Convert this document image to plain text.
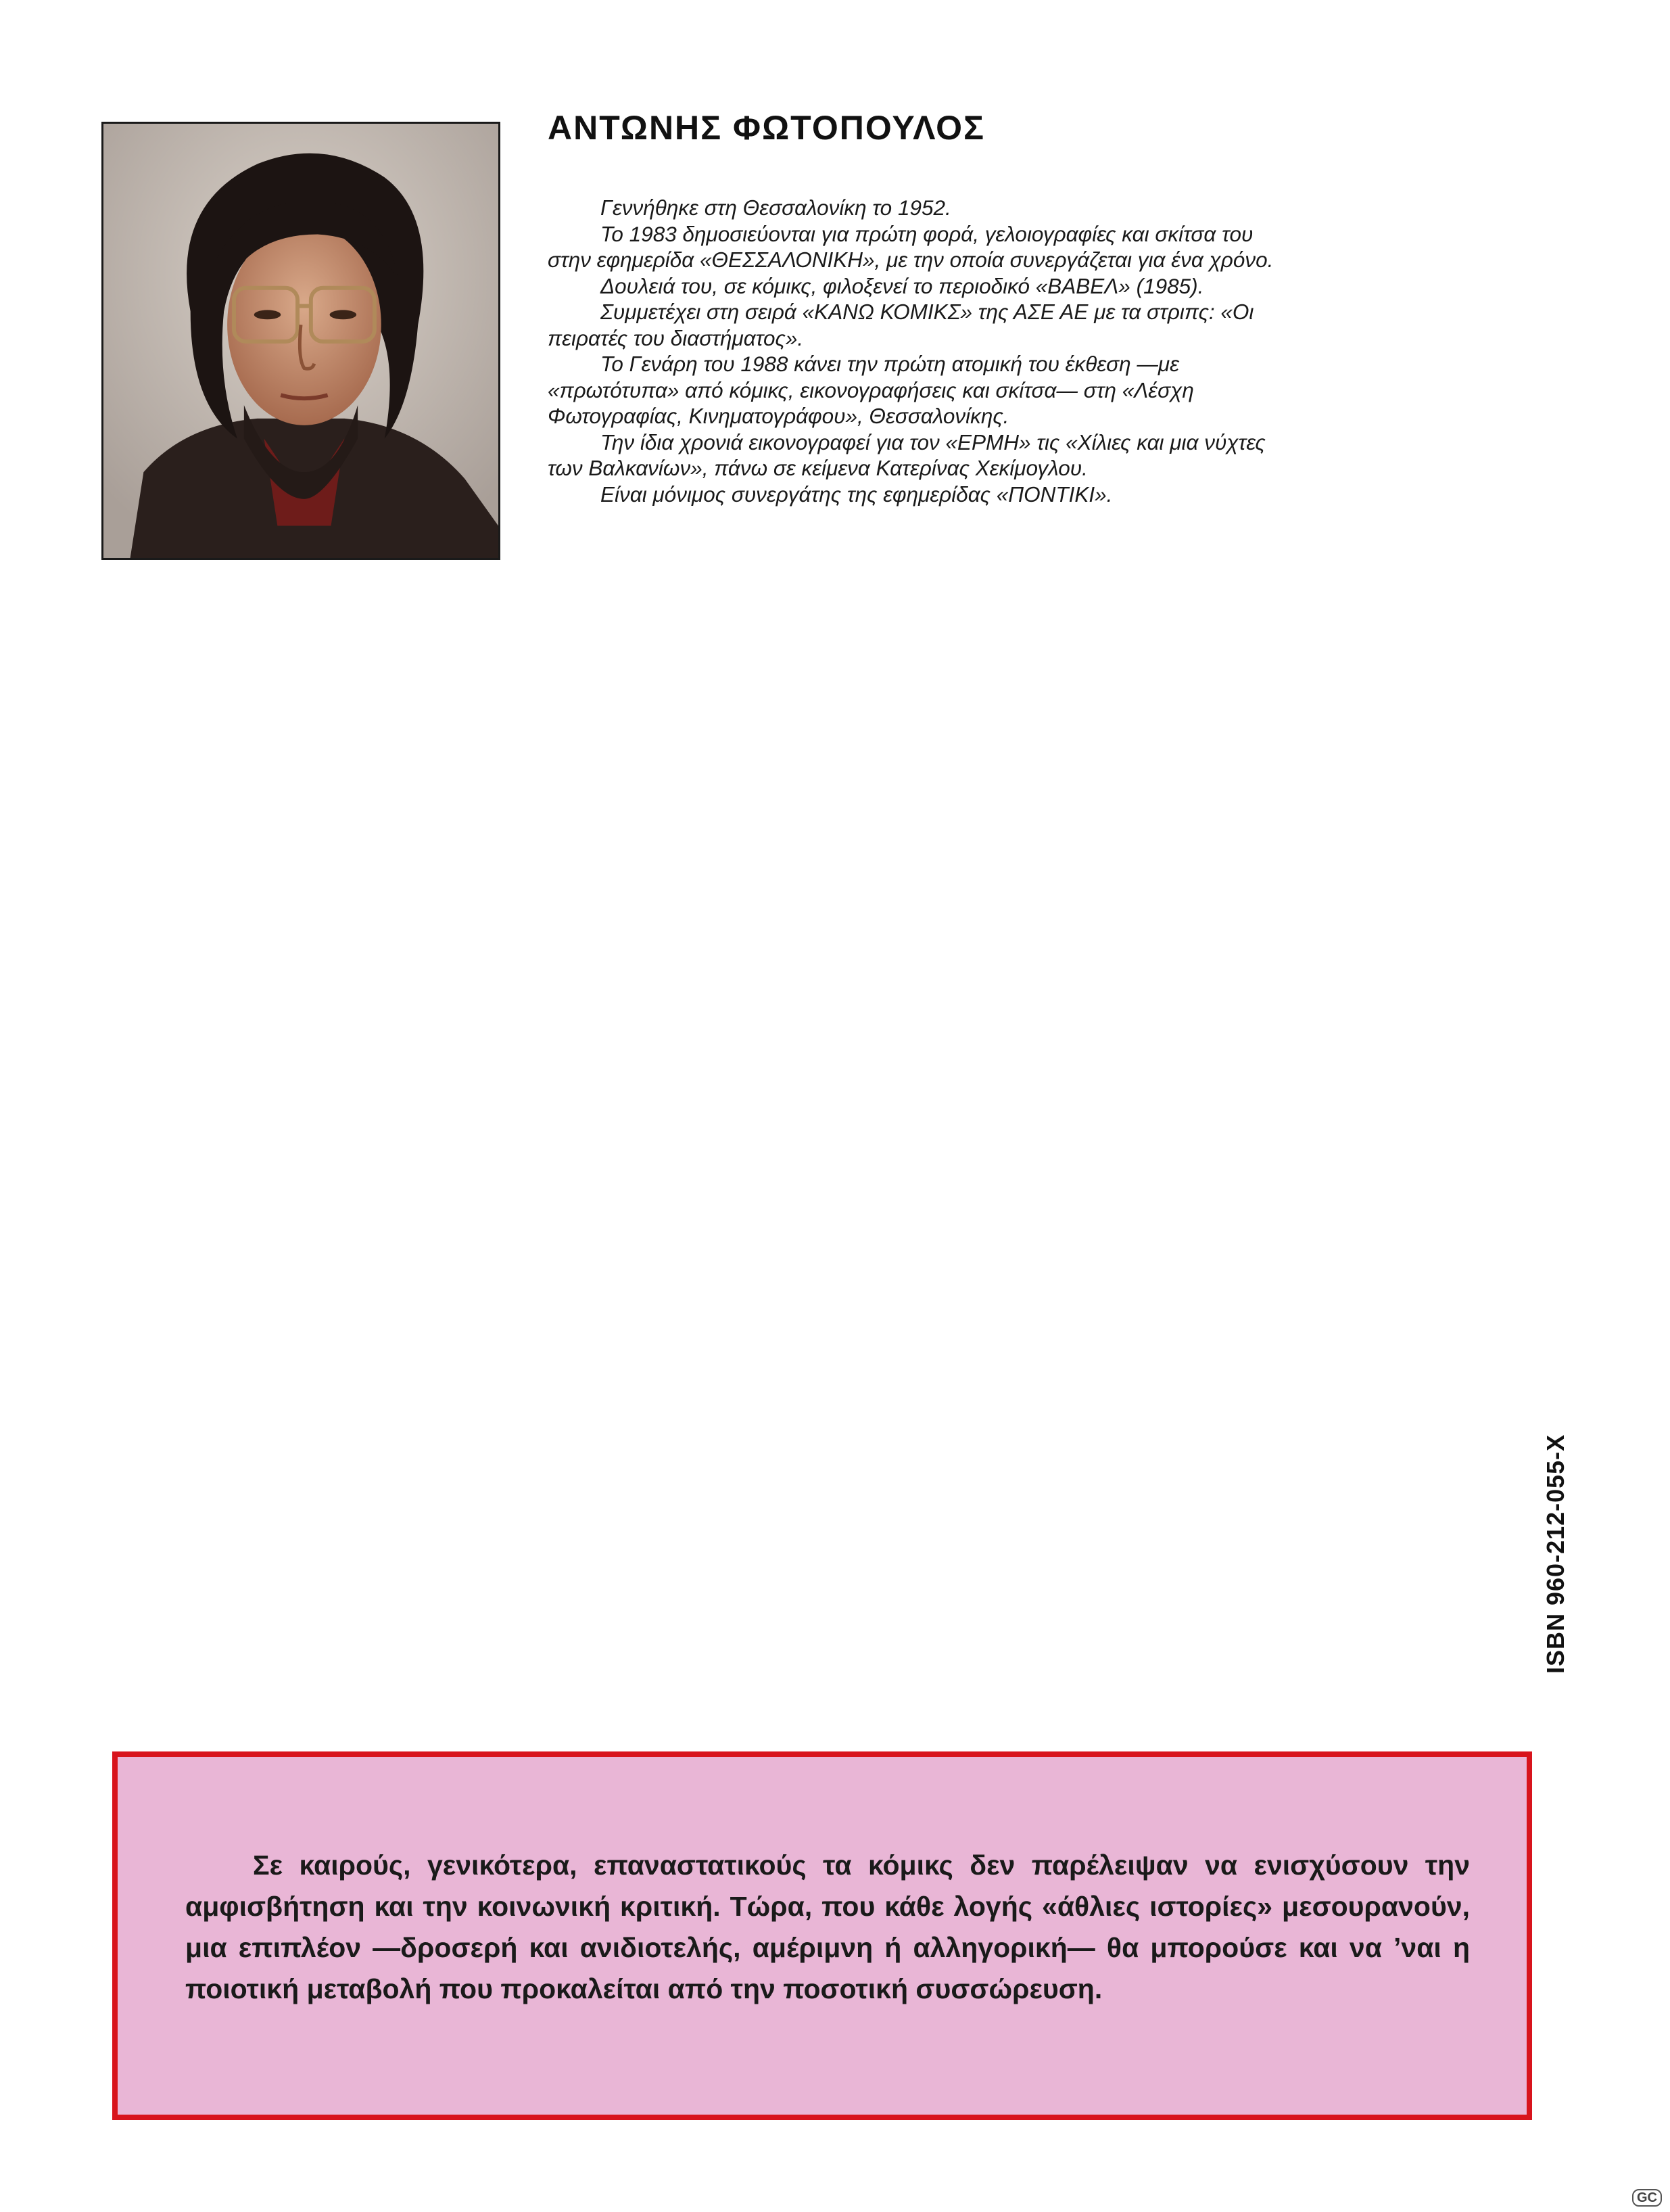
ΑΝΤΩΝΗΣ ΦΩΤΟΠΟΥΛΟΣ

Γεννήθηκε στη Θεσσαλονίκη το 1952.

Το 1983 δημοσιεύονται για πρώτη φορά, γελοιογραφίες και σκίτσα του στην εφημερίδα «ΘΕΣΣΑΛΟΝΙΚΗ», με την οποία συνεργάζεται για ένα χρόνο.

Δουλειά του, σε κόμικς, φιλοξενεί το περιοδικό «ΒΑΒΕΛ» (1985).

Συμμετέχει στη σειρά «ΚΑΝΩ ΚΟΜΙΚΣ» της ΑΣΕ ΑΕ με τα στριπς: «Οι πειρατές του διαστήματος».

Το Γενάρη του 1988 κάνει την πρώτη ατομική του έκθεση —με «πρωτότυπα» από κόμικς, εικονογραφήσεις και σκίτσα— στη «Λέσχη Φωτογραφίας, Κινηματογράφου», Θεσσαλονίκης.

Την ίδια χρονιά εικονογραφεί για τον «ΕΡΜΗ» τις «Χίλιες και μια νύχτες των Βαλκανίων», πάνω σε κείμενα Κατερίνας Χεκίμογλου.

Είναι μόνιμος συνεργάτης της εφημερίδας «ΠΟΝΤΙΚΙ».

ISBN 960-212-055-X

Σε καιρούς, γενικότερα, επαναστατικούς τα κόμικς δεν παρέλειψαν να ενισχύσουν την αμφισβήτηση και την κοινωνική κριτική. Τώρα, που κάθε λογής «άθλιες ιστορίες» μεσουρανούν, μια επιπλέον —δροσερή και ανιδιοτελής, αμέριμνη ή αλληγορική— θα μπορούσε και να ’ναι η ποιοτική μεταβολή που προκαλείται από την ποσοτική συσσώρευση.

GC
